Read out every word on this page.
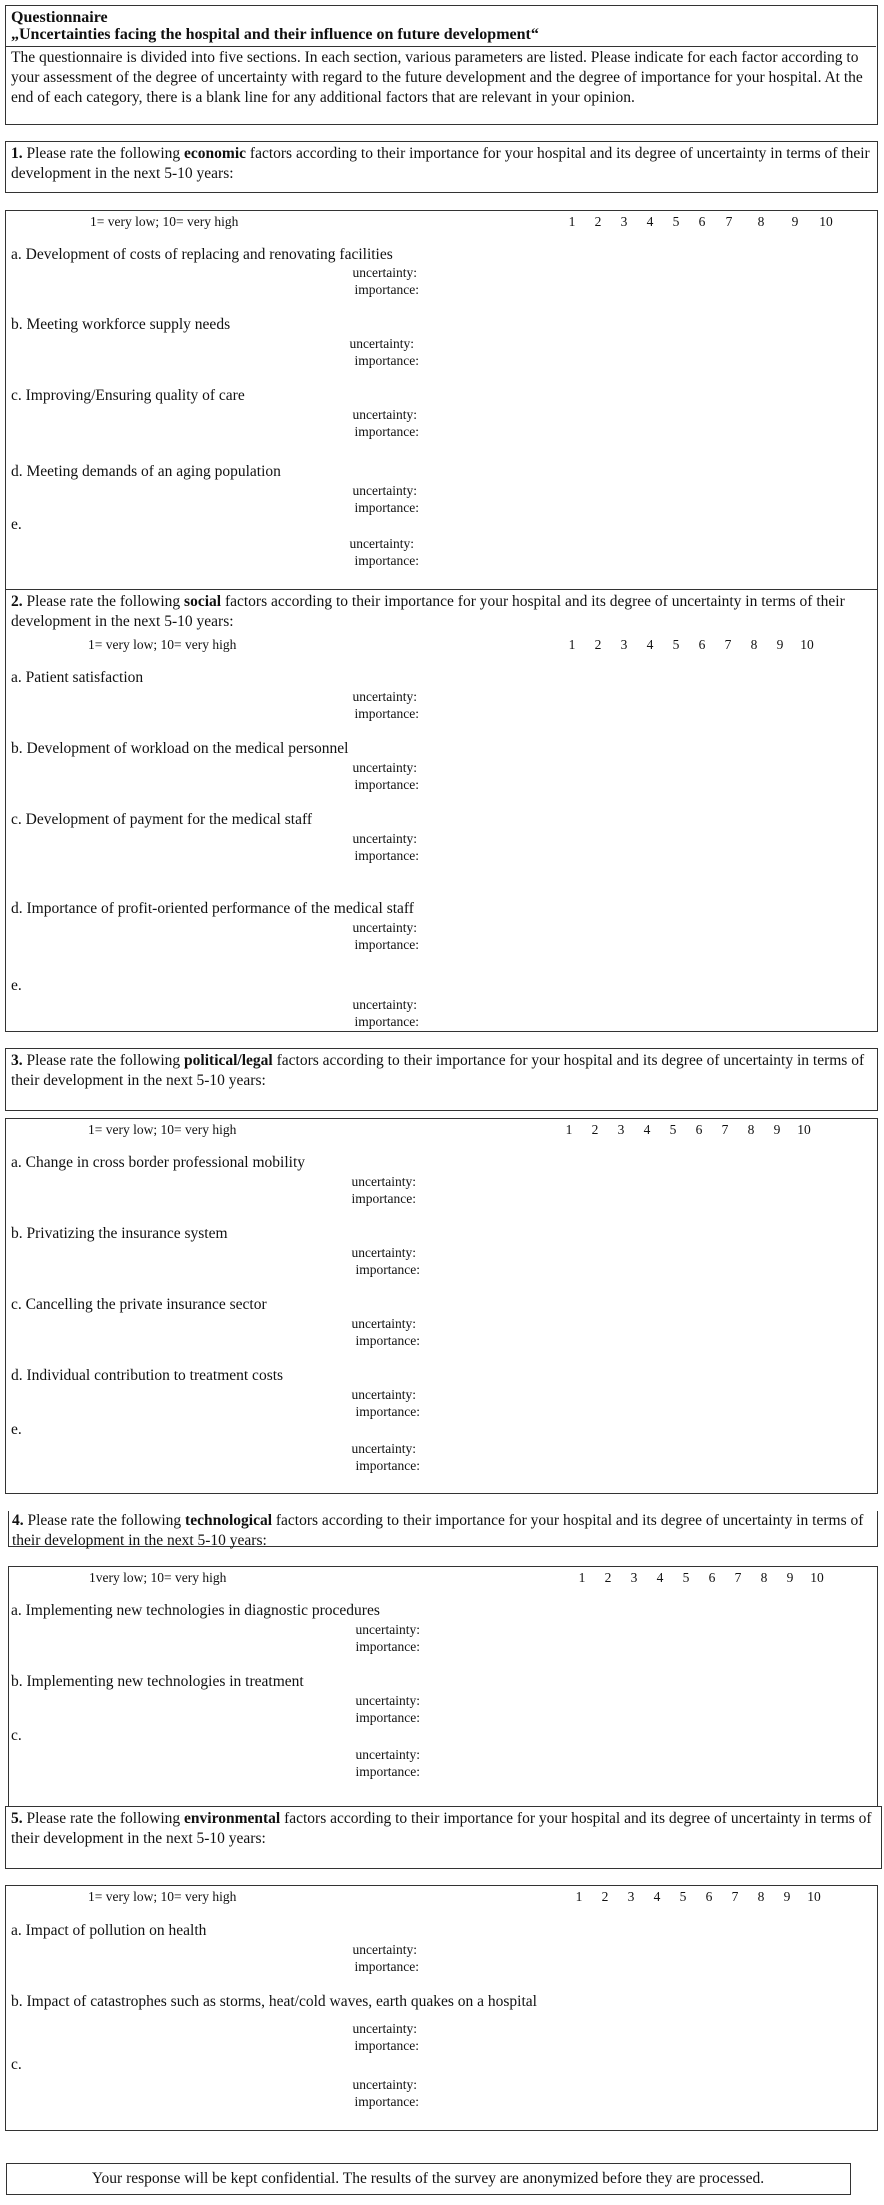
Questionnaire
„Uncertainties facing the hospital and their influence on future development“
The questionnaire is divided into five sections. In each section, various parameters are listed. Please indicate for each factor according to your assessment of the degree of uncertainty with regard to the future development and the degree of importance for your hospital. At the end of each category, there is a blank line for any additional factors that are relevant in your opinion.
1. Please rate the following economic factors according to their importance for your hospital and its degree of uncertainty in terms of their development in the next 5-10 years:
1= very low; 10= very high	1	2	3	4	5	6	7	8	9	10
a. Development of costs of replacing and renovating facilities
uncertainty:
importance:
b. Meeting workforce supply needs
uncertainty:
importance:
c. Improving/Ensuring quality of care
uncertainty:
importance:
d. Meeting demands of an aging population
uncertainty:
importance:
e.
uncertainty:
importance:
2. Please rate the following social factors according to their importance for your hospital and its degree of uncertainty in terms of their development in the next 5-10 years:
1= very low; 10= very high	1	2	3	4	5	6	7	8	9	10
a. Patient satisfaction
uncertainty:
importance:
b. Development of workload on the medical personnel
uncertainty:
importance:
c. Development of payment for the medical staff
uncertainty:
importance:
d. Importance of profit-oriented performance of the medical staff
uncertainty:
importance:
e.
uncertainty:
importance:
3. Please rate the following political/legal factors according to their importance for your hospital and its degree of uncertainty in terms of their development in the next 5-10 years:
1= very low; 10= very high	1	2	3	4	5	6	7	8	9	10
a. Change in cross border professional mobility
uncertainty:
importance:
b. Privatizing the insurance system
uncertainty:
importance:
c. Cancelling the private insurance sector
uncertainty:
importance:
d. Individual contribution to treatment costs
uncertainty:
importance:
e.
uncertainty:
importance:
4. Please rate the following technological factors according to their importance for your hospital and its degree of uncertainty in terms of their development in the next 5-10 years:
1very low; 10= very high	1	2	3	4	5	6	7	8	9	10
a. Implementing new technologies in diagnostic procedures
uncertainty:
importance:
b. Implementing new technologies in treatment
uncertainty:
importance:
c.
uncertainty:
importance:
5. Please rate the following environmental factors according to their importance for your hospital and its degree of uncertainty in terms of their development in the next 5-10 years:
1= very low; 10= very high	1	2	3	4	5	6	7	8	9	10
a. Impact of pollution on health
uncertainty:
importance:
b. Impact of catastrophes such as storms, heat/cold waves, earth quakes on a hospital
uncertainty:
importance:
c.
uncertainty:
importance:
Your response will be kept confidential. The results of the survey are anonymized before they are processed.
